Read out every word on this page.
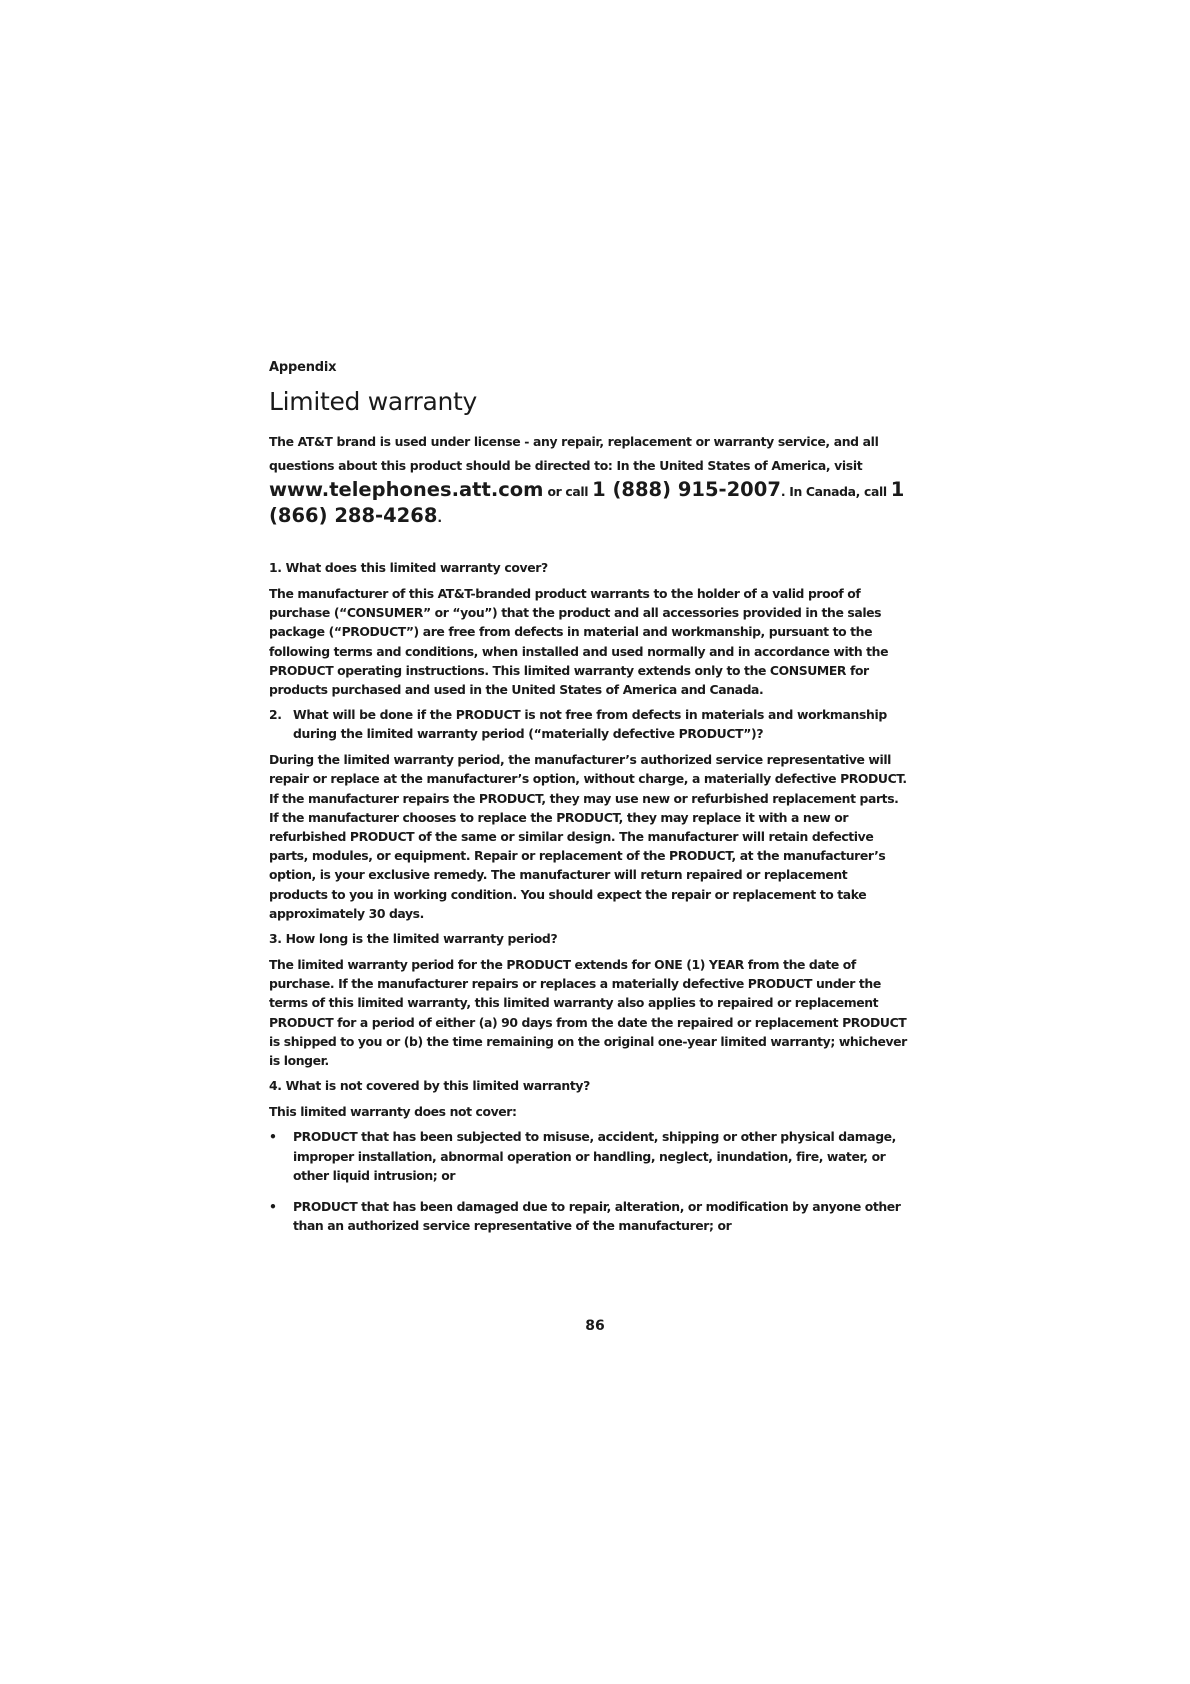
Appendix
Limited warranty
The AT&T brand is used under license - any repair, replacement or warranty service, and all questions about this product should be directed to: In the United States of America, visit www.telephones.att.com or call 1 (888) 915-2007. In Canada, call 1 (866) 288-4268.
1. What does this limited warranty cover?
The manufacturer of this AT&T-branded product warrants to the holder of a valid proof of purchase (“CONSUMER” or “you”) that the product and all accessories provided in the sales package (“PRODUCT”) are free from defects in material and workmanship, pursuant to the following terms and conditions, when installed and used normally and in accordance with the PRODUCT operating instructions. This limited warranty extends only to the CONSUMER for products purchased and used in the United States of America and Canada.
2. What will be done if the PRODUCT is not free from defects in materials and workmanship during the limited warranty period (“materially defective PRODUCT”)?
During the limited warranty period, the manufacturer’s authorized service representative will repair or replace at the manufacturer’s option, without charge, a materially defective PRODUCT. If the manufacturer repairs the PRODUCT, they may use new or refurbished replacement parts. If the manufacturer chooses to replace the PRODUCT, they may replace it with a new or refurbished PRODUCT of the same or similar design. The manufacturer will retain defective parts, modules, or equipment. Repair or replacement of the PRODUCT, at the manufacturer’s option, is your exclusive remedy. The manufacturer will return repaired or replacement products to you in working condition. You should expect the repair or replacement to take approximately 30 days.
3. How long is the limited warranty period?
The limited warranty period for the PRODUCT extends for ONE (1) YEAR from the date of purchase. If the manufacturer repairs or replaces a materially defective PRODUCT under the terms of this limited warranty, this limited warranty also applies to repaired or replacement PRODUCT for a period of either (a) 90 days from the date the repaired or replacement PRODUCT is shipped to you or (b) the time remaining on the original one-year limited warranty; whichever is longer.
4. What is not covered by this limited warranty?
This limited warranty does not cover:
•	PRODUCT that has been subjected to misuse, accident, shipping or other physical damage, improper installation, abnormal operation or handling, neglect, inundation, fire, water, or other liquid intrusion; or
•	PRODUCT that has been damaged due to repair, alteration, or modification by anyone other than an authorized service representative of the manufacturer; or
86
